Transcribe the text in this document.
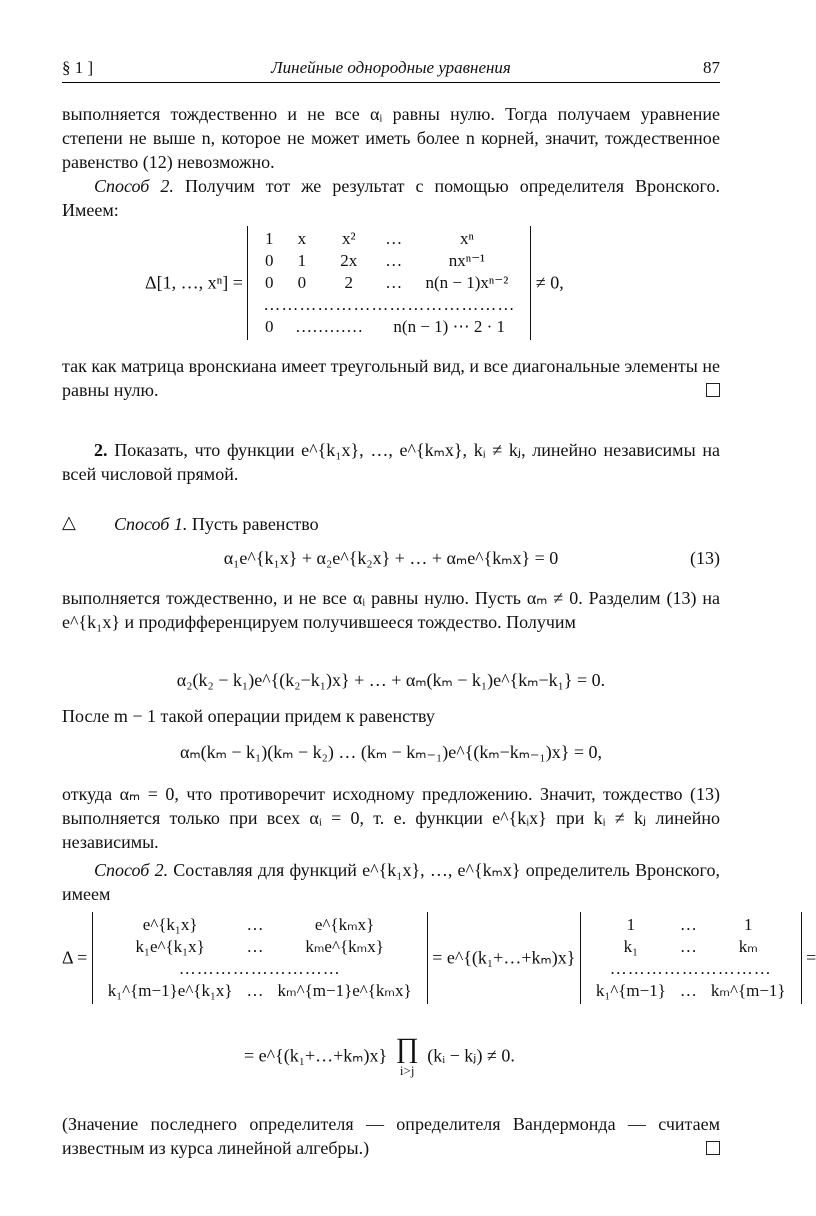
§ 1 ]	Линейные однородные уравнения	87

выполняется тождественно и не все αᵢ равны нулю. Тогда получаем уравнение степени не выше n, которое не может иметь более n корней, значит, тождественное равенство (12) невозможно.

Способ 2. Получим тот же результат с помощью определителя Вронского. Имеем:

Δ[1, …, xⁿ] =
1	x	x²	…	xⁿ
0	1	2x	…	nxⁿ⁻¹
0	0	2	…	n(n − 1)xⁿ⁻²
……………………………………				
0	…………		n(n − 1) ⋯ 2 · 1	
≠ 0,

так как матрица вронскиана имеет треугольный вид, и все диагональные элементы не равны нулю.

2. Показать, что функции e^{k₁x}, …, e^{kₘx}, kᵢ ≠ kⱼ, линейно независимы на всей числовой прямой.

△ Способ 1. Пусть равенство

α₁e^{k₁x} + α₂e^{k₂x} + … + αₘe^{kₘx} = 0	(13)

выполняется тождественно, и не все αᵢ равны нулю. Пусть αₘ ≠ 0. Разделим (13) на e^{k₁x} и продифференцируем получившееся тождество. Получим

α₂(k₂ − k₁)e^{(k₂−k₁)x} + … + αₘ(kₘ − k₁)e^{kₘ−k₁} = 0.

После m − 1 такой операции придем к равенству

αₘ(kₘ − k₁)(kₘ − k₂) … (kₘ − kₘ₋₁)e^{(kₘ−kₘ₋₁)x} = 0,

откуда αₘ = 0, что противоречит исходному предложению. Значит, тождество (13) выполняется только при всех αᵢ = 0, т. е. функции e^{kᵢx} при kᵢ ≠ kⱼ линейно независимы.

Способ 2. Составляя для функций e^{k₁x}, …, e^{kₘx} определитель Вронского, имеем

Δ =
e^{k₁x}	…	e^{kₘx}
k₁e^{k₁x}	…	kₘe^{kₘx}
………………………		
k₁^{m−1}e^{k₁x}	…	kₘ^{m−1}e^{kₘx}
= e^{(k₁+…+kₘ)x}
1	…	1
k₁	…	kₘ
………………………		
k₁^{m−1}	…	kₘ^{m−1}
=
= e^{(k₁+…+kₘ)x} ∏
i>j
(kᵢ − kⱼ) ≠ 0.

(Значение последнего определителя — определителя Вандермонда — считаем известным из курса линейной алгебры.)
